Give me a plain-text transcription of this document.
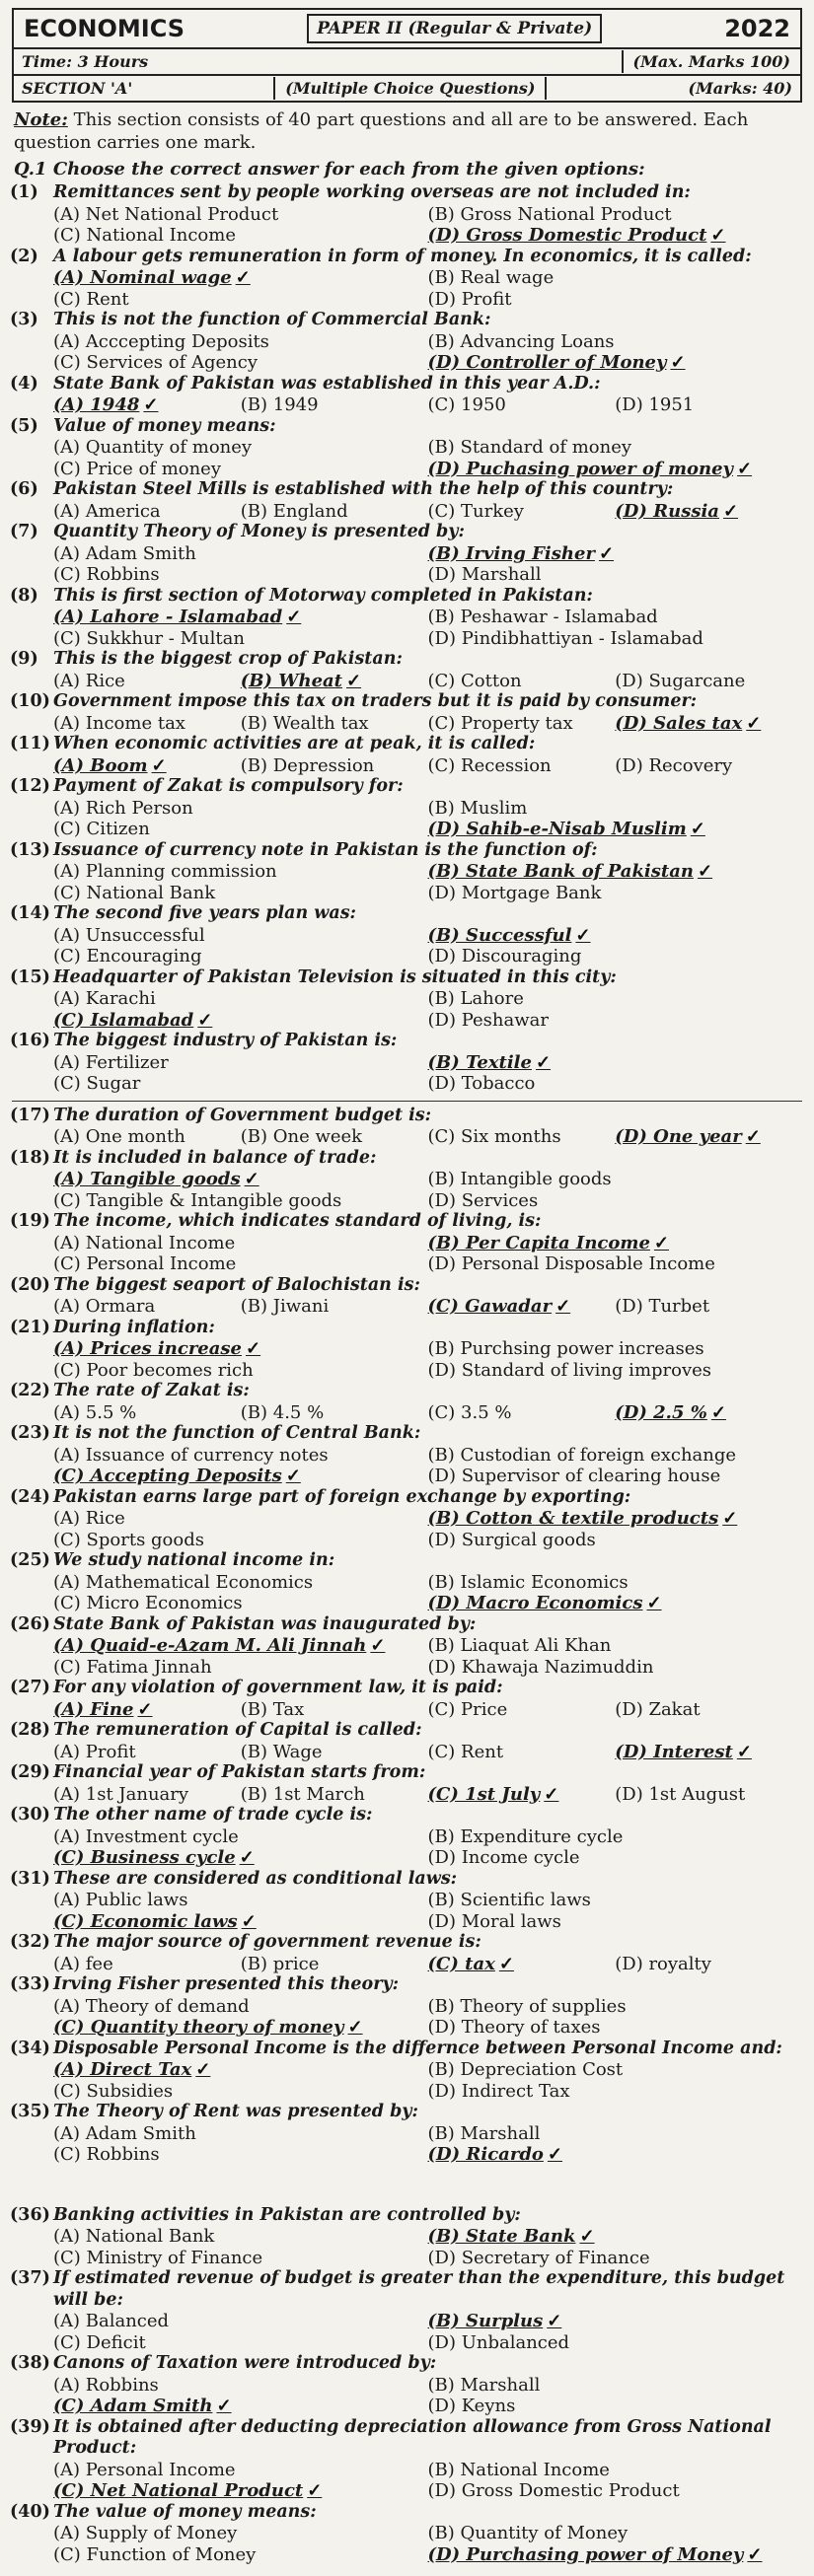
ECONOMICS	PAPER II (Regular & Private)	2022
Time: 3 Hours	(Max. Marks 100)
SECTION 'A'	(Multiple Choice Questions)	(Marks: 40)
Note: This section consists of 40 part questions and all are to be answered. Each question carries one mark.
Q.1 Choose the correct answer for each from the given options:
(1) Remittances sent by people working overseas are not included in:
(A) Net National Product	(B) Gross National Product
(C) National Income	(D) Gross Domestic Product ✓
(2) A labour gets remuneration in form of money. In economics, it is called:
(A) Nominal wage ✓	(B) Real wage
(C) Rent	(D) Profit
(3) This is not the function of Commercial Bank:
(A) Acccepting Deposits	(B) Advancing Loans
(C) Services of Agency	(D) Controller of Money ✓
(4) State Bank of Pakistan was established in this year A.D.:
(A) 1948 ✓	(B) 1949	(C) 1950	(D) 1951
(5) Value of money means:
(A) Quantity of money	(B) Standard of money
(C) Price of money	(D) Puchasing power of money ✓
(6) Pakistan Steel Mills is established with the help of this country:
(A) America	(B) England	(C) Turkey	(D) Russia ✓
(7) Quantity Theory of Money is presented by:
(A) Adam Smith	(B) Irving Fisher ✓
(C) Robbins	(D) Marshall
(8) This is first section of Motorway completed in Pakistan:
(A) Lahore - Islamabad ✓	(B) Peshawar - Islamabad
(C) Sukkhur - Multan	(D) Pindibhattiyan - Islamabad
(9) This is the biggest crop of Pakistan:
(A) Rice	(B) Wheat ✓	(C) Cotton	(D) Sugarcane
(10) Government impose this tax on traders but it is paid by consumer:
(A) Income tax	(B) Wealth tax	(C) Property tax	(D) Sales tax ✓
(11) When economic activities are at peak, it is called:
(A) Boom ✓	(B) Depression	(C) Recession	(D) Recovery
(12) Payment of Zakat is compulsory for:
(A) Rich Person	(B) Muslim
(C) Citizen	(D) Sahib-e-Nisab Muslim ✓
(13) Issuance of currency note in Pakistan is the function of:
(A) Planning commission	(B) State Bank of Pakistan ✓
(C) National Bank	(D) Mortgage Bank
(14) The second five years plan was:
(A) Unsuccessful	(B) Successful ✓
(C) Encouraging	(D) Discouraging
(15) Headquarter of Pakistan Television is situated in this city:
(A) Karachi	(B) Lahore
(C) Islamabad ✓	(D) Peshawar
(16) The biggest industry of Pakistan is:
(A) Fertilizer	(B) Textile ✓
(C) Sugar	(D) Tobacco
(17) The duration of Government budget is:
(A) One month	(B) One week	(C) Six months	(D) One year ✓
(18) It is included in balance of trade:
(A) Tangible goods ✓	(B) Intangible goods
(C) Tangible & Intangible goods	(D) Services
(19) The income, which indicates standard of living, is:
(A) National Income	(B) Per Capita Income ✓
(C) Personal Income	(D) Personal Disposable Income
(20) The biggest seaport of Balochistan is:
(A) Ormara	(B) Jiwani	(C) Gawadar ✓	(D) Turbet
(21) During inflation:
(A) Prices increase ✓	(B) Purchsing power increases
(C) Poor becomes rich	(D) Standard of living improves
(22) The rate of Zakat is:
(A) 5.5 %	(B) 4.5 %	(C) 3.5 %	(D) 2.5 % ✓
(23) It is not the function of Central Bank:
(A) Issuance of currency notes	(B) Custodian of foreign exchange
(C) Accepting Deposits ✓	(D) Supervisor of clearing house
(24) Pakistan earns large part of foreign exchange by exporting:
(A) Rice	(B) Cotton & textile products ✓
(C) Sports goods	(D) Surgical goods
(25) We study national income in:
(A) Mathematical Economics	(B) Islamic Economics
(C) Micro Economics	(D) Macro Economics ✓
(26) State Bank of Pakistan was inaugurated by:
(A) Quaid-e-Azam M. Ali Jinnah ✓	(B) Liaquat Ali Khan
(C) Fatima Jinnah	(D) Khawaja Nazimuddin
(27) For any violation of government law, it is paid:
(A) Fine ✓	(B) Tax	(C) Price	(D) Zakat
(28) The remuneration of Capital is called:
(A) Profit	(B) Wage	(C) Rent	(D) Interest ✓
(29) Financial year of Pakistan starts from:
(A) 1st January	(B) 1st March	(C) 1st July ✓	(D) 1st August
(30) The other name of trade cycle is:
(A) Investment cycle	(B) Expenditure cycle
(C) Business cycle ✓	(D) Income cycle
(31) These are considered as conditional laws:
(A) Public laws	(B) Scientific laws
(C) Economic laws ✓	(D) Moral laws
(32) The major source of government revenue is:
(A) fee	(B) price	(C) tax ✓	(D) royalty
(33) Irving Fisher presented this theory:
(A) Theory of demand	(B) Theory of supplies
(C) Quantity theory of money ✓	(D) Theory of taxes
(34) Disposable Personal Income is the differnce between Personal Income and:
(A) Direct Tax ✓	(B) Depreciation Cost
(C) Subsidies	(D) Indirect Tax
(35) The Theory of Rent was presented by:
(A) Adam Smith	(B) Marshall
(C) Robbins	(D) Ricardo ✓
(36) Banking activities in Pakistan are controlled by:
(A) National Bank	(B) State Bank ✓
(C) Ministry of Finance	(D) Secretary of Finance
(37) If estimated revenue of budget is greater than the expenditure, this budget will be:
(A) Balanced	(B) Surplus ✓
(C) Deficit	(D) Unbalanced
(38) Canons of Taxation were introduced by:
(A) Robbins	(B) Marshall
(C) Adam Smith ✓	(D) Keyns
(39) It is obtained after deducting depreciation allowance from Gross National Product:
(A) Personal Income	(B) National Income
(C) Net National Product ✓	(D) Gross Domestic Product
(40) The value of money means:
(A) Supply of Money	(B) Quantity of Money
(C) Function of Money	(D) Purchasing power of Money ✓
